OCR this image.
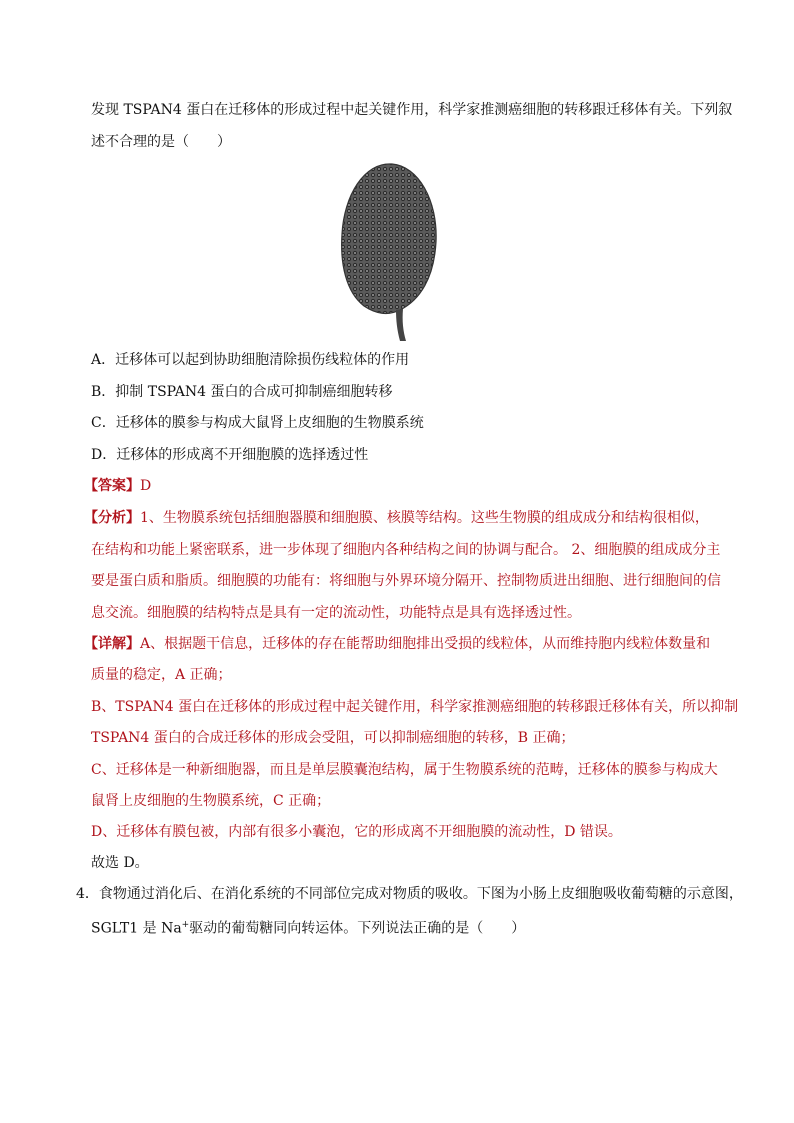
发现 TSPAN4 蛋白在迁移体的形成过程中起关键作用，科学家推测癌细胞的转移跟迁移体有关。下列叙
述不合理的是（ ）
A．迁移体可以起到协助细胞清除损伤线粒体的作用
B．抑制 TSPAN4 蛋白的合成可抑制癌细胞转移
C．迁移体的膜参与构成大鼠肾上皮细胞的生物膜系统
D．迁移体的形成离不开细胞膜的选择透过性
【答案】D
【分析】1、生物膜系统包括细胞器膜和细胞膜、核膜等结构。这些生物膜的组成成分和结构很相似，
在结构和功能上紧密联系，进一步体现了细胞内各种结构之间的协调与配合。 2、细胞膜的组成成分主
要是蛋白质和脂质。细胞膜的功能有：将细胞与外界环境分隔开、控制物质进出细胞、进行细胞间的信
息交流。细胞膜的结构特点是具有一定的流动性，功能特点是具有选择透过性。
【详解】A、根据题干信息，迁移体的存在能帮助细胞排出受损的线粒体，从而维持胞内线粒体数量和
质量的稳定，A 正确；
B、TSPAN4 蛋白在迁移体的形成过程中起关键作用，科学家推测癌细胞的转移跟迁移体有关，所以抑制
TSPAN4 蛋白的合成迁移体的形成会受阻，可以抑制癌细胞的转移，B 正确；
C、迁移体是一种新细胞器，而且是单层膜囊泡结构，属于生物膜系统的范畴，迁移体的膜参与构成大
鼠肾上皮细胞的生物膜系统，C 正确；
D、迁移体有膜包被，内部有很多小囊泡，它的形成离不开细胞膜的流动性，D 错误。
故选 D。
4．食物通过消化后、在消化系统的不同部位完成对物质的吸收。下图为小肠上皮细胞吸收葡萄糖的示意图，
SGLT1 是 Na+驱动的葡萄糖同向转运体。下列说法正确的是（ ）
